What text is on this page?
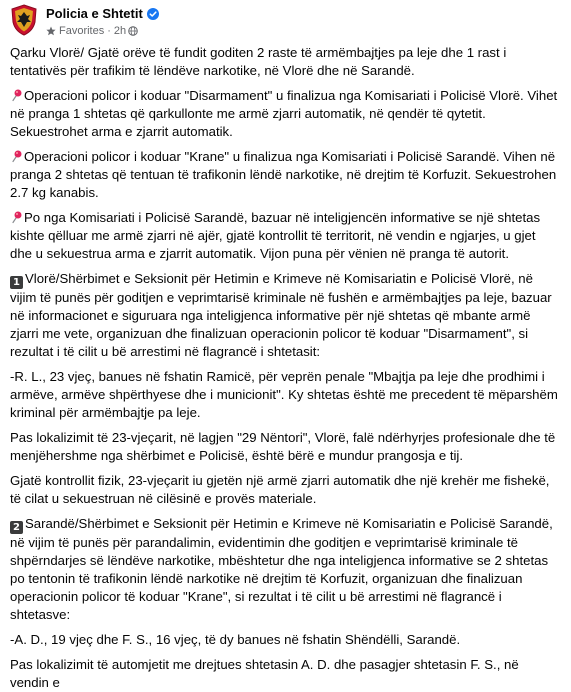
Policia e Shtetit
Favorites · 2h

Qarku Vlorë/ Gjatë orëve të fundit goditen 2 raste të armëmbajtjes pa leje dhe 1 rast i tentativës për trafikim të lëndëve narkotike, në Vlorë dhe në Sarandë.

Operacioni policor i koduar "Disarmament" u finalizua nga Komisariati i Policisë Vlorë. Vihet në pranga 1 shtetas që qarkullonte me armë zjarri automatik, në qendër të qytetit. Sekuestrohet arma e zjarrit automatik.

Operacioni policor i koduar "Krane" u finalizua nga Komisariati i Policisë Sarandë. Vihen në pranga 2 shtetas që tentuan të trafikonin lëndë narkotike, në drejtim të Korfuzit. Sekuestrohen 2.7 kg kanabis.

Po nga Komisariati i Policisë Sarandë, bazuar në inteligjencën informative se një shtetas kishte qëlluar me armë zjarri në ajër, gjatë kontrollit të territorit, në vendin e ngjarjes, u gjet dhe u sekuestrua arma e zjarrit automatik. Vijon puna për vënien në pranga të autorit.

1 Vlorë/Shërbimet e Seksionit për Hetimin e Krimeve në Komisariatin e Policisë Vlorë, në vijim të punës për goditjen e veprimtarisë kriminale në fushën e armëmbajtjes pa leje, bazuar në informacionet e siguruara nga inteligjenca informative për një shtetas që mbante armë zjarri me vete, organizuan dhe finalizuan operacionin policor të koduar "Disarmament", si rezultat i të cilit u bë arrestimi në flagrancë i shtetasit:

-R. L., 23 vjeç, banues në fshatin Ramicë, për veprën penale "Mbajtja pa leje dhe prodhimi i armëve, armëve shpërthyese dhe i municionit". Ky shtetas është me precedent të mëparshëm kriminal për armëmbajtje pa leje.

Pas lokalizimit të 23-vjeçarit, në lagjen "29 Nëntori", Vlorë, falë ndërhyrjes profesionale dhe të menjëhershme nga shërbimet e Policisë, është bërë e mundur prangosja e tij.

Gjatë kontrollit fizik, 23-vjeçarit iu gjetën një armë zjarri automatik dhe një krehër me fishekë, të cilat u sekuestruan në cilësinë e provës materiale.

2 Sarandë/Shërbimet e Seksionit për Hetimin e Krimeve në Komisariatin e Policisë Sarandë, në vijim të punës për parandalimin, evidentimin dhe goditjen e veprimtarisë kriminale të shpërndarjes së lëndëve narkotike, mbështetur dhe nga inteligjenca informative se 2 shtetas po tentonin të trafikonin lëndë narkotike në drejtim të Korfuzit, organizuan dhe finalizuan operacionin policor të koduar "Krane", si rezultat i të cilit u bë arrestimi në flagrancë i shtetasve:

-A. D., 19 vjeç dhe F. S., 16 vjeç, të dy banues në fshatin Shëndëlli, Sarandë.

Pas lokalizimit të automjetit me drejtues shtetasin A. D. dhe pasagjer shtetasin F. S., në vendin e
